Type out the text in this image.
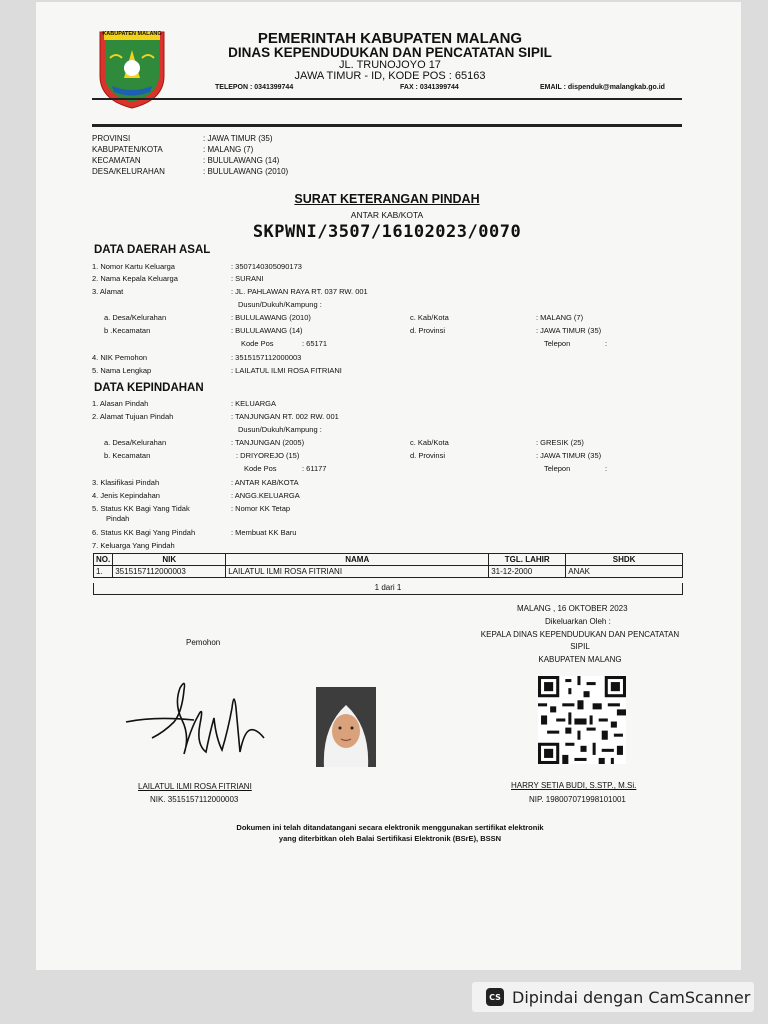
KABUPATEN MALANG	PEMERINTAH KABUPATEN MALANG
DINAS KEPENDUDUKAN DAN PENCATATAN SIPIL
JL. TRUNOJOYO 17
JAWA TIMUR - ID, KODE POS : 65163
TELEPON : 0341399744	FAX : 0341399744	EMAIL : dispenduk@malangkab.go.id
PROVINSI	: JAWA TIMUR (35)
KABUPATEN/KOTA	: MALANG (7)
KECAMATAN	: BULULAWANG (14)
DESA/KELURAHAN	: BULULAWANG (2010)
SURAT KETERANGAN PINDAH
ANTAR KAB/KOTA
SKPWNI/3507/16102023/0070
DATA DAERAH ASAL
1. Nomor Kartu Keluarga	: 3507140305090173
2. Nama Kepala Keluarga	: SURANI
3. Alamat	: JL. PAHLAWAN RAYA RT. 037 RW. 001
Dusun/Dukuh/Kampung :
a. Desa/Kelurahan	: BULULAWANG (2010)	c. Kab/Kota	: MALANG (7)
b .Kecamatan	: BULULAWANG (14)	d. Provinsi	: JAWA TIMUR (35)
Kode Pos	: 65171	Telepon	:
4. NIK Pemohon	: 3515157112000003
5. Nama Lengkap	: LAILATUL ILMI ROSA FITRIANI
DATA KEPINDAHAN
1. Alasan Pindah	: KELUARGA
2. Alamat Tujuan Pindah	: TANJUNGAN RT. 002 RW. 001
Dusun/Dukuh/Kampung :
a. Desa/Kelurahan	: TANJUNGAN (2005)	c. Kab/Kota	: GRESIK (25)
b. Kecamatan	: DRIYOREJO (15)	d. Provinsi	: JAWA TIMUR (35)
Kode Pos	: 61177	Telepon	:
3. Klasifikasi Pindah	: ANTAR KAB/KOTA
4. Jenis Kepindahan	: ANGG.KELUARGA
5. Status KK Bagi Yang Tidak
Pindah
: Nomor KK Tetap
6. Status KK Bagi Yang Pindah	: Membuat KK Baru
7. Keluarga Yang Pindah
NO.	NIK	NAMA	TGL. LAHIR	SHDK
1.	3515157112000003	LAILATUL ILMI ROSA FITRIANI	31-12-2000	ANAK
1 dari 1
MALANG , 16 OKTOBER 2023
Dikeluarkan Oleh :
KEPALA DINAS KEPENDUDUKAN DAN PENCATATAN
SIPIL
KABUPATEN MALANG
Pemohon
LAILATUL ILMI ROSA FITRIANI
NIK. 3515157112000003
HARRY SETIA BUDI, S.STP., M.Si.
NIP. 198007071998101001
Dokumen ini telah ditandatangani secara elektronik menggunakan sertifikat elektronik
yang diterbitkan oleh Balai Sertifikasi Elektronik (BSrE), BSSN
CS Dipindai dengan CamScanner
